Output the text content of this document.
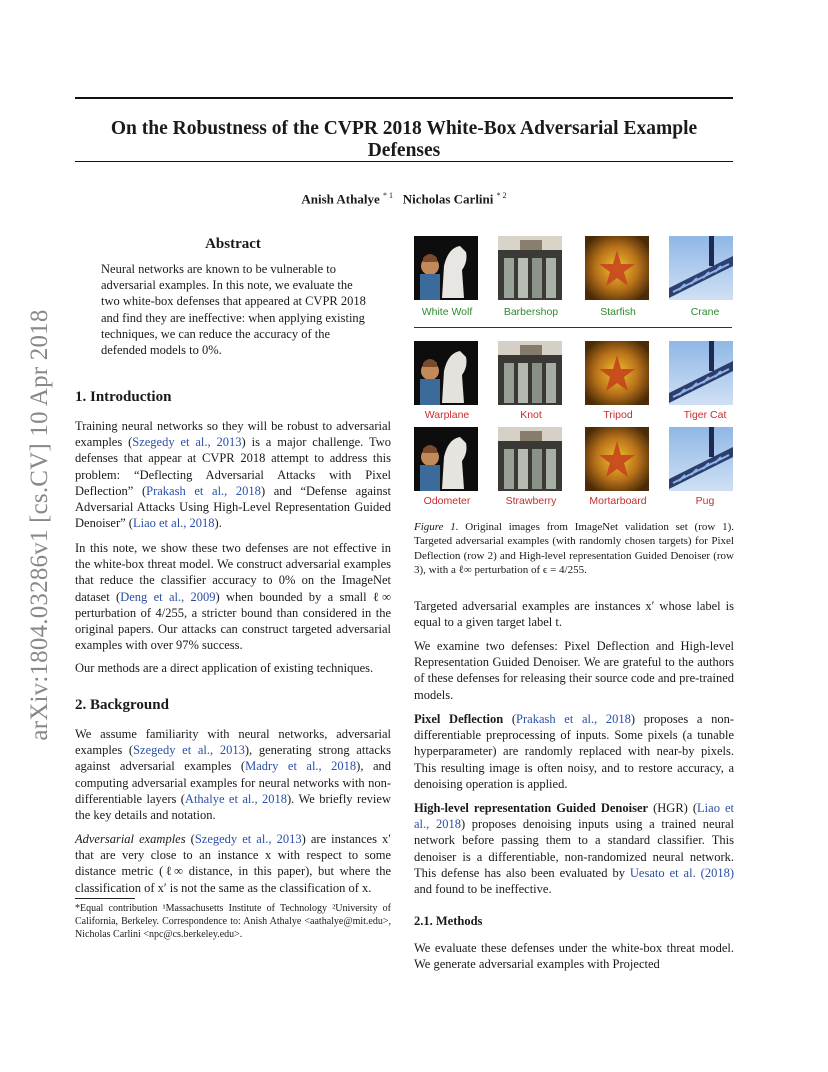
On the Robustness of the CVPR 2018 White-Box Adversarial Example Defenses
Anish Athalye $^{* 1}$ Nicholas Carlini $^{* 2}$
arXiv:1804.03286v1 [cs.CV] 10 Apr 2018
Abstract
Neural networks are known to be vulnerable to adversarial examples. In this note, we evaluate the two white-box defenses that appeared at CVPR 2018 and find they are ineffective: when applying existing techniques, we can reduce the accuracy of the defended models to 0%.
1. Introduction
Training neural networks so they will be robust to adversarial examples (Szegedy et al., 2013) is a major challenge. Two defenses that appear at CVPR 2018 attempt to address this problem: “Deflecting Adversarial Attacks with Pixel Deflection” (Prakash et al., 2018) and “Defense against Adversarial Attacks Using High-Level Representation Guided Denoiser” (Liao et al., 2018).
In this note, we show these two defenses are not effective in the white-box threat model. We construct adversarial examples that reduce the classifier accuracy to 0% on the ImageNet dataset (Deng et al., 2009) when bounded by a small ℓ∞ perturbation of 4/255, a stricter bound than considered in the original papers. Our attacks can construct targeted adversarial examples with over 97% success.
Our methods are a direct application of existing techniques.
2. Background
We assume familiarity with neural networks, adversarial examples (Szegedy et al., 2013), generating strong attacks against adversarial examples (Madry et al., 2018), and computing adversarial examples for neural networks with non-differentiable layers (Athalye et al., 2018). We briefly review the key details and notation.
Adversarial examples (Szegedy et al., 2013) are instances x′ that are very close to an instance x with respect to some distance metric (ℓ∞ distance, in this paper), but where the classification of x′ is not the same as the classification of x.
*Equal contribution ¹Massachusetts Institute of Technology ²University of California, Berkeley. Correspondence to: Anish Athalye <aathalye@mit.edu>, Nicholas Carlini <npc@cs.berkeley.edu>.
White Wolf	Barbershop	Starfish	Crane
Warplane	Knot	Tripod	Tiger Cat
Odometer	Strawberry	Mortarboard	Pug
Figure 1. Original images from ImageNet validation set (row 1). Targeted adversarial examples (with randomly chosen targets) for Pixel Deflection (row 2) and High-level representation Guided Denoiser (row 3), with a ℓ∞ perturbation of ϵ = 4/255.
Targeted adversarial examples are instances x′ whose label is equal to a given target label t.
We examine two defenses: Pixel Deflection and High-level Representation Guided Denoiser. We are grateful to the authors of these defenses for releasing their source code and pre-trained models.
Pixel Deflection (Prakash et al., 2018) proposes a non-differentiable preprocessing of inputs. Some pixels (a tunable hyperparameter) are randomly replaced with near-by pixels. This resulting image is often noisy, and to restore accuracy, a denoising operation is applied.
High-level representation Guided Denoiser (HGR) (Liao et al., 2018) proposes denoising inputs using a trained neural network before passing them to a standard classifier. This denoiser is a differentiable, non-randomized neural network. This defense has also been evaluated by Uesato et al. (2018) and found to be ineffective.
2.1. Methods
We evaluate these defenses under the white-box threat model. We generate adversarial examples with Projected
